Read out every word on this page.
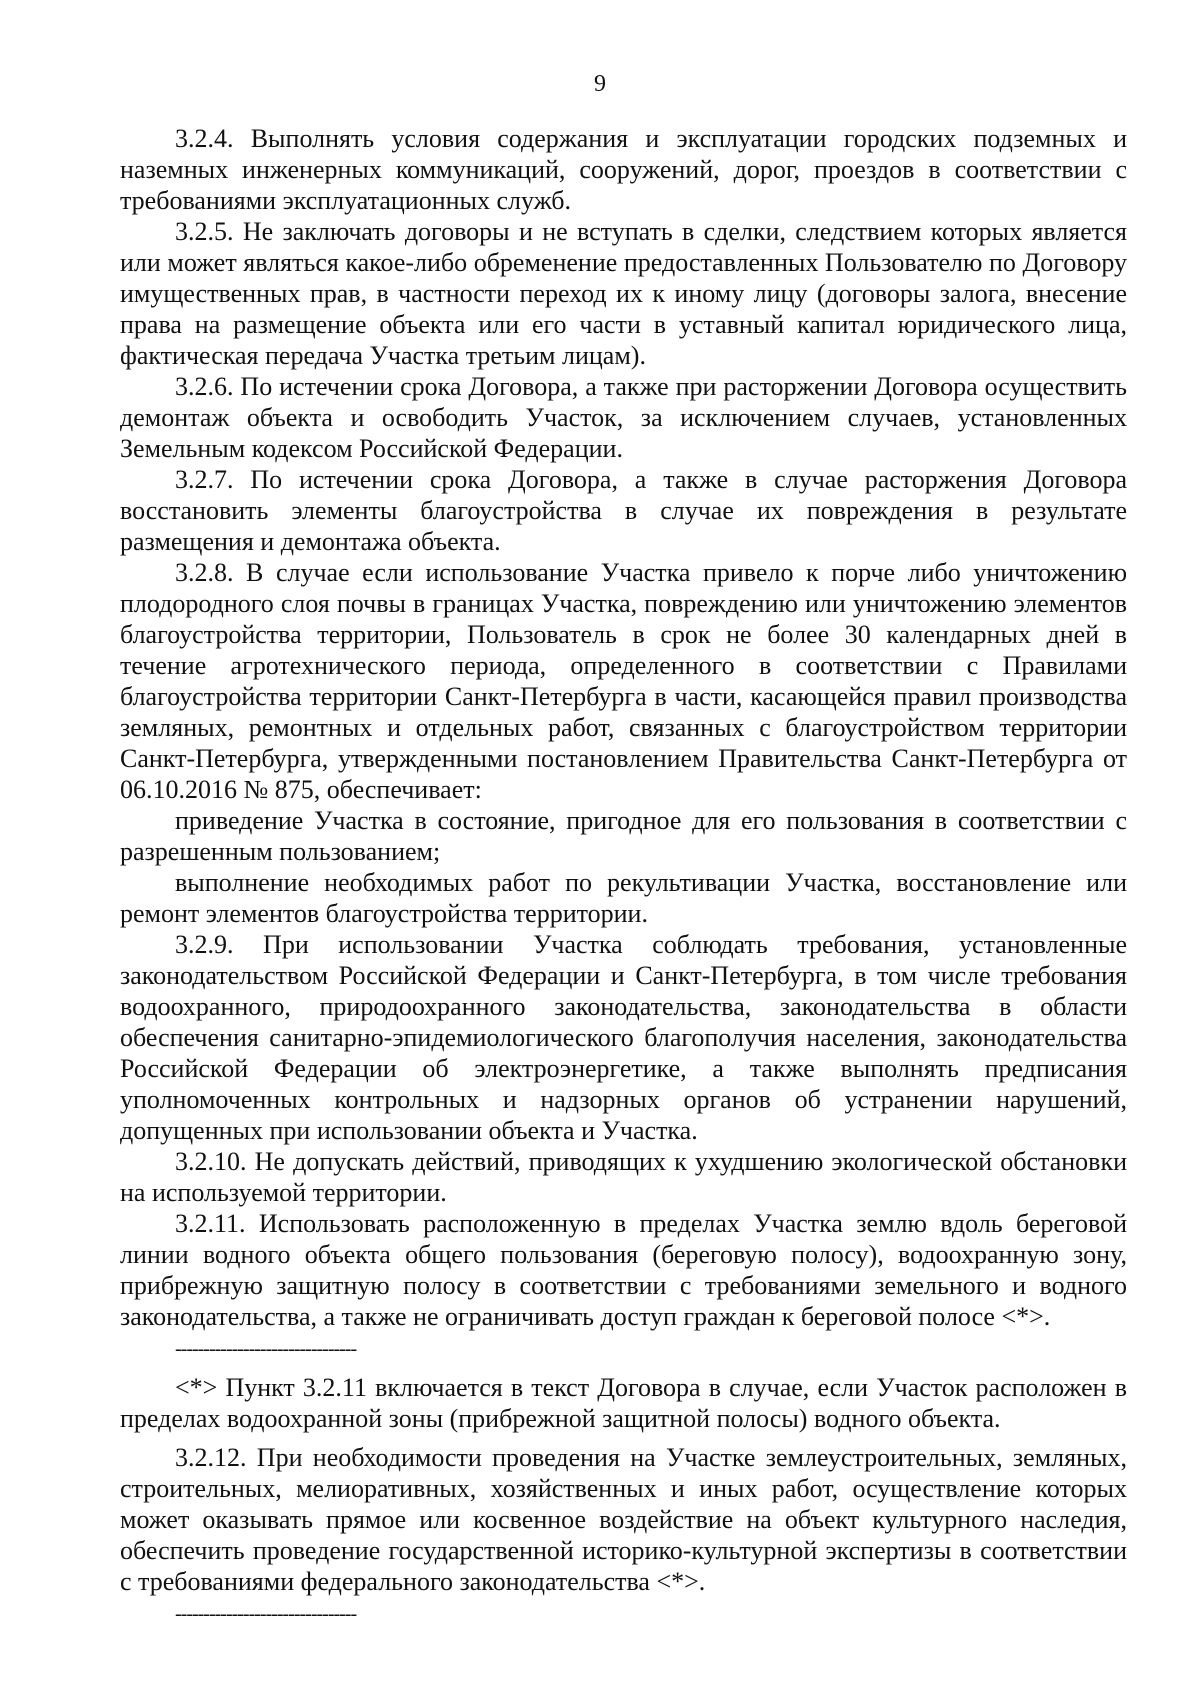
9

3.2.4. Выполнять условия содержания и эксплуатации городских подземных и наземных инженерных коммуникаций, сооружений, дорог, проездов в соответствии с требованиями эксплуатационных служб.

3.2.5. Не заключать договоры и не вступать в сделки, следствием которых является или может являться какое-либо обременение предоставленных Пользователю по Договору имущественных прав, в частности переход их к иному лицу (договоры залога, внесение права на размещение объекта или его части в уставный капитал юридического лица, фактическая передача Участка третьим лицам).

3.2.6. По истечении срока Договора, а также при расторжении Договора осуществить демонтаж объекта и освободить Участок, за исключением случаев, установленных Земельным кодексом Российской Федерации.

3.2.7. По истечении срока Договора, а также в случае расторжения Договора восстановить элементы благоустройства в случае их повреждения в результате размещения и демонтажа объекта.

3.2.8. В случае если использование Участка привело к порче либо уничтожению плодородного слоя почвы в границах Участка, повреждению или уничтожению элементов благоустройства территории, Пользователь в срок не более 30 календарных дней в течение агротехнического периода, определенного в соответствии с Правилами благоустройства территории Санкт-Петербурга в части, касающейся правил производства земляных, ремонтных и отдельных работ, связанных с благоустройством территории Санкт-Петербурга, утвержденными постановлением Правительства Санкт-Петербурга от 06.10.2016 № 875, обеспечивает:

приведение Участка в состояние, пригодное для его пользования в соответствии с разрешенным пользованием;

выполнение необходимых работ по рекультивации Участка, восстановление или ремонт элементов благоустройства территории.

3.2.9. При использовании Участка соблюдать требования, установленные законодательством Российской Федерации и Санкт-Петербурга, в том числе требования водоохранного, природоохранного законодательства, законодательства в области обеспечения санитарно-эпидемиологического благополучия населения, законодательства Российской Федерации об электроэнергетике, а также выполнять предписания уполномоченных контрольных и надзорных органов об устранении нарушений, допущенных при использовании объекта и Участка.

3.2.10. Не допускать действий, приводящих к ухудшению экологической обстановки на используемой территории.

3.2.11. Использовать расположенную в пределах Участка землю вдоль береговой линии водного объекта общего пользования (береговую полосу), водоохранную зону, прибрежную защитную полосу в соответствии с требованиями земельного и водного законодательства, а также не ограничивать доступ граждан к береговой полосе <*>.

--------------------------------

<*> Пункт 3.2.11 включается в текст Договора в случае, если Участок расположен в пределах водоохранной зоны (прибрежной защитной полосы) водного объекта.

3.2.12. При необходимости проведения на Участке землеустроительных, земляных, строительных, мелиоративных, хозяйственных и иных работ, осуществление которых может оказывать прямое или косвенное воздействие на объект культурного наследия, обеспечить проведение государственной историко-культурной экспертизы в соответствии с требованиями федерального законодательства <*>.

--------------------------------
